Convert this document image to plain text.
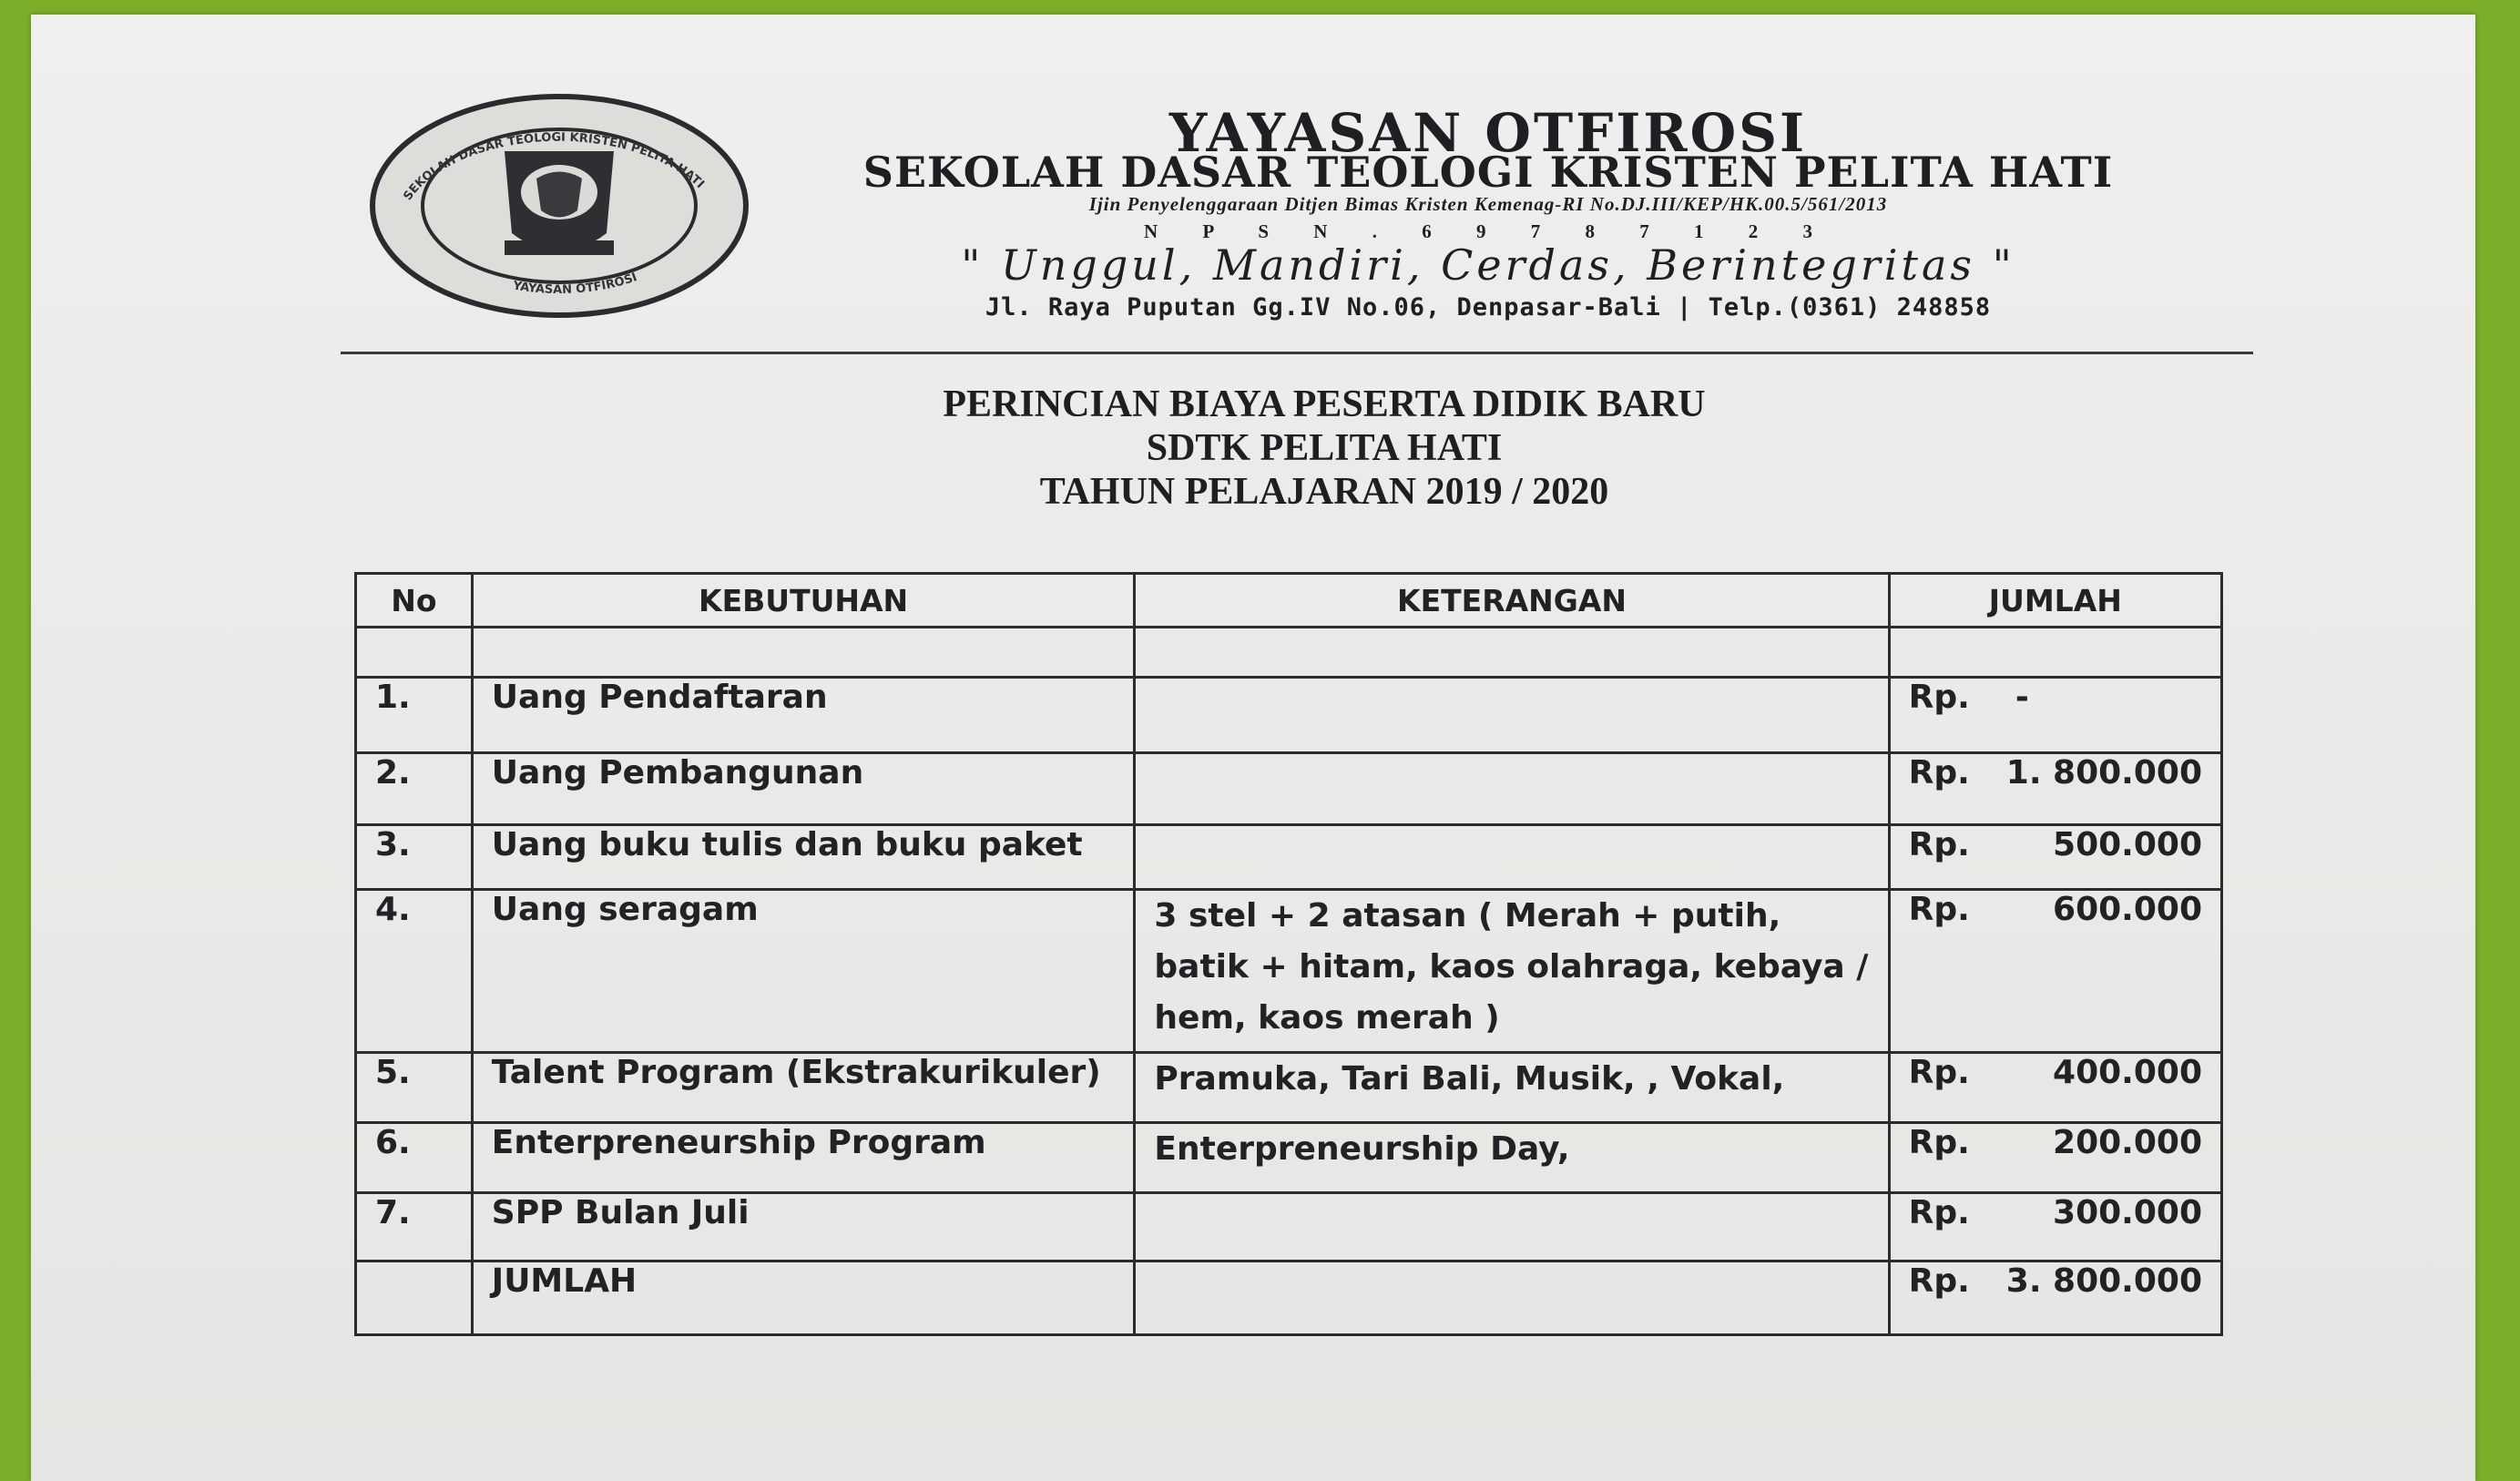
SEKOLAH DASAR TEOLOGI KRISTEN PELITA HATI
YAYASAN OTFIROSI
YAYASAN OTFIROSI
SEKOLAH DASAR TEOLOGI KRISTEN PELITA HATI
Ijin Penyelenggaraan Ditjen Bimas Kristen Kemenag-RI No.DJ.III/KEP/HK.00.5/561/2013
N P S N . 6 9 7 8 7 1 2 3
" Unggul, Mandiri, Cerdas, Berintegritas "
Jl. Raya Puputan Gg.IV No.06, Denpasar-Bali | Telp.(0361) 248858
PERINCIAN BIAYA PESERTA DIDIK BARU
SDTK PELITA HATI
TAHUN PELAJARAN 2019 / 2020
No	KEBUTUHAN	KETERANGAN	JUMLAH

1.	Uang Pendaftaran		Rp. -

2.	Uang Pembangunan		Rp. 1. 800.000

3.	Uang buku tulis dan buku paket		Rp. 500.000

4.	Uang seragam	3 stel + 2 atasan ( Merah + putih, batik + hitam, kaos olahraga, kebaya / hem, kaos merah )	Rp. 600.000

5.	Talent Program (Ekstrakurikuler)	Pramuka, Tari Bali, Musik, , Vokal,	Rp. 400.000

6.	Enterpreneurship Program	Enterpreneurship Day,	Rp. 200.000

7.	SPP Bulan Juli		Rp. 300.000

	JUMLAH		Rp. 3. 800.000
